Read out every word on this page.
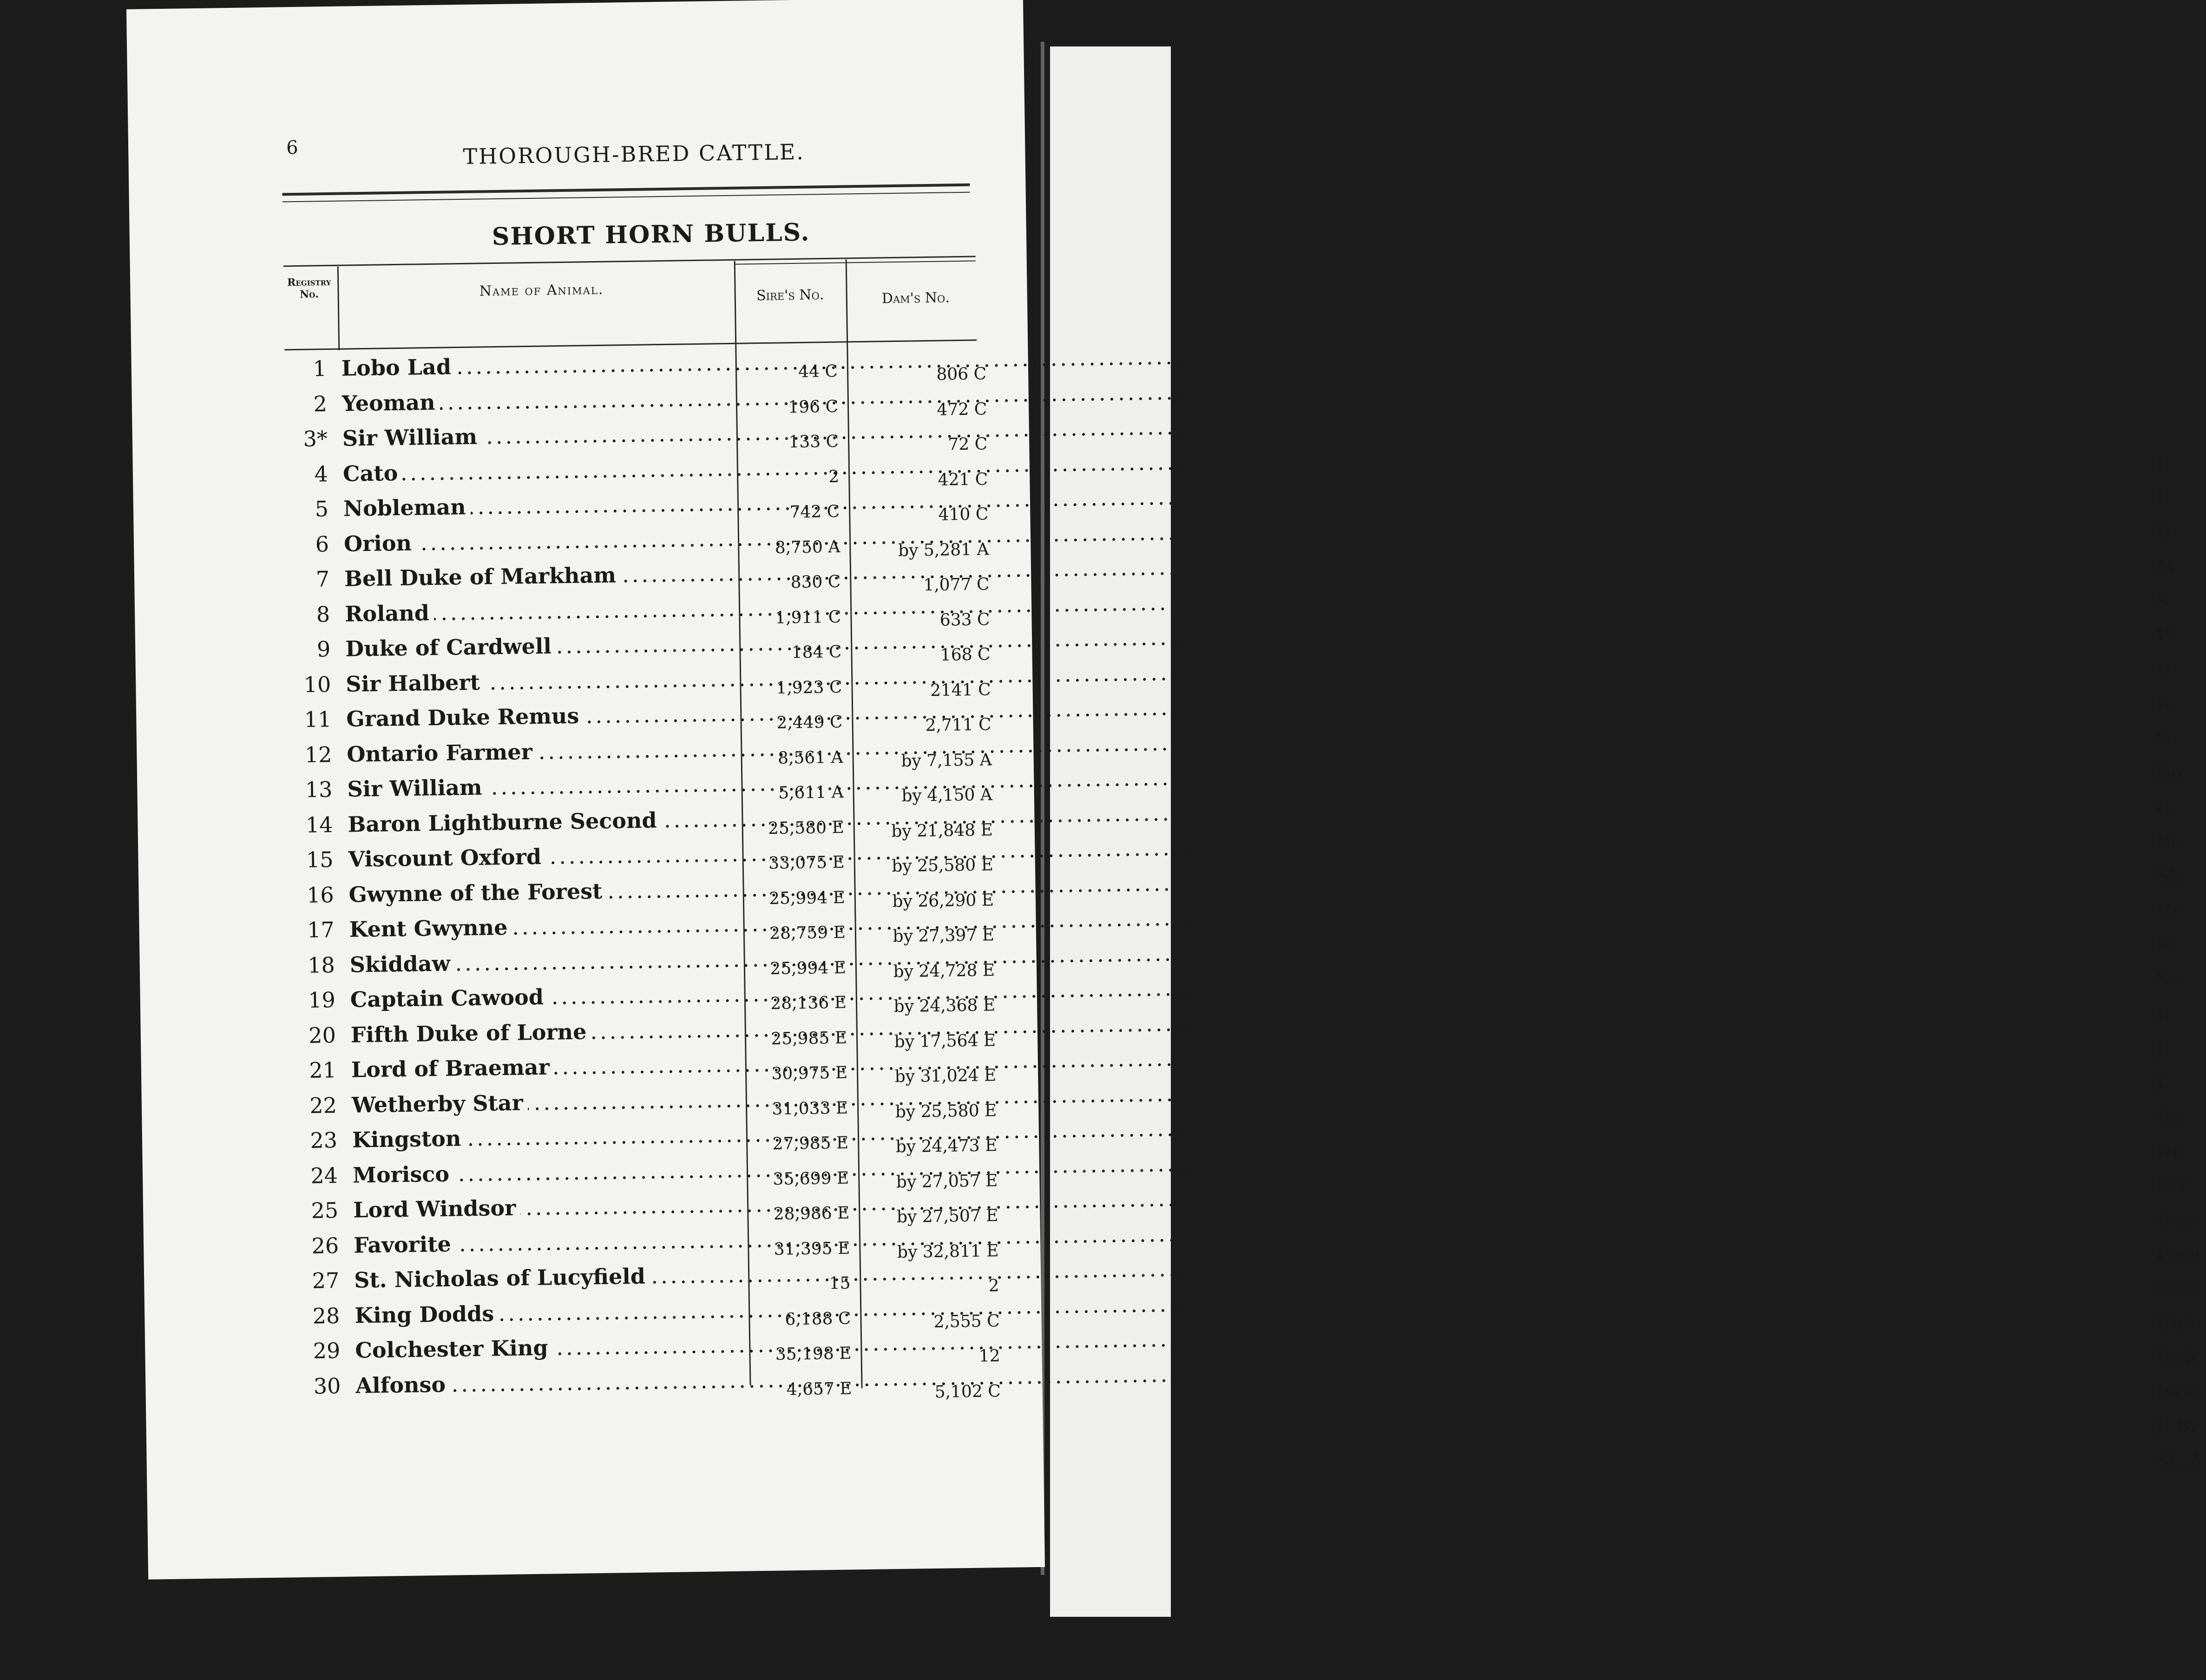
I
I
U
M
S
W
U
K
O
Bo
G.
Bo
Sh
Ur
Pi
Sc
J.
J.
J.
On
Dr.
Far
Ons
Farn
Shul
Unic
Unic
Israe
J. B.
St. A
6	THOROUGH-BRED CATTLE.
SHORT HORN BULLS.
Registry No.	Name of Animal.	Sire's No.	Dam's No.
1 Lobo Lad .....	44 C	806 C
2 Yeoman .....	196 C	472 C
3* Sir William .....	133 C	72 C
4 Cato .....	2	421 C
5 Nobleman .....	742 C	410 C
6 Orion .....	8,750 A	by 5,281 A
7 Bell Duke of Markham .....	830 C	1,077 C
8 Roland .....	1,911 C	633 C
9 Duke of Cardwell .....	184 C	168 C
10 Sir Halbert .....	1,923 C	2141 C
11 Grand Duke Remus .....	2,449 C	2,711 C
12 Ontario Farmer .....	8,561 A	by 7,155 A
13 Sir William .....	5,611 A	by 4,150 A
14 Baron Lightburne Second .....	25,580 E	by 21,848 E
15 Viscount Oxford .....	33,075 E	by 25,580 E
16 Gwynne of the Forest .....	25,994 E	by 26,290 E
17 Kent Gwynne .....	28,759 E	by 27,397 E
18 Skiddaw .....	25,994 E	by 24,728 E
19 Captain Cawood .....	28,136 E	by 24,368 E
20 Fifth Duke of Lorne .....	25,985 E	by 17,564 E
21 Lord of Braemar .....	30,975 E	by 31,024 E
22 Wetherby Star .....	31,033 E	by 25,580 E
23 Kingston .....	27,985 E	by 24,473 E
24 Morisco .....	35,699 E	by 27,057 E
25 Lord Windsor .....	28,986 E	by 27,507 E
26 Favorite .....	31,395 E	by 32,811 E
27 St. Nicholas of Lucyfield .....	15	2
28 King Dodds .....	6,188 C	2,555 C
29 Colchester King .....	35,198 E	12
30 Alfonso .....	4,657 E	5,102 C
